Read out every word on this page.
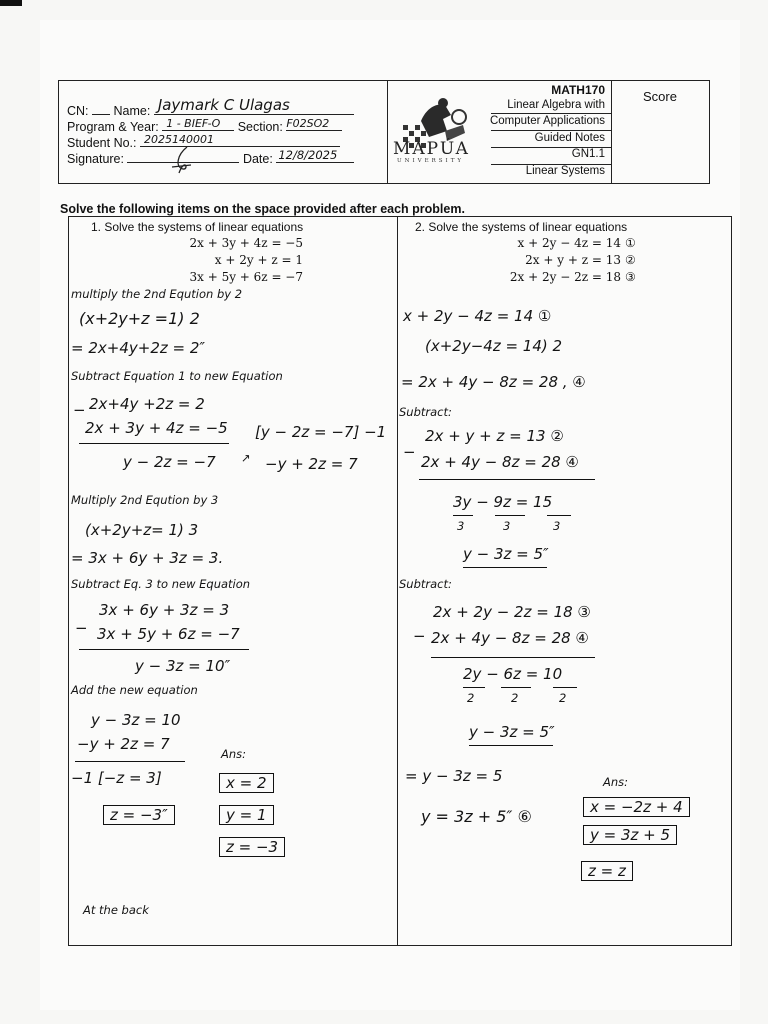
CN: Name: Jaymark C Ulagas
Program & Year: 1 - BIEF-O Section: F02SO2
Student No.: 2025140001
Signature:	Date: 12/8/2025	MAPÚA
UNIVERSITY
MATH170
Linear Algebra with
Computer Applications
Guided Notes
GN1.1
Linear Systems
Score
Solve the following items on the space provided after each problem.
1. Solve the systems of linear equations
2x + 3y + 4z = −5
x + 2y + z = 1
3x + 5y + 6z = −7
multiply the 2nd Eqution by 2
(x+2y+z =1) 2
= 2x+4y+2z = 2″
Subtract Equation 1 to new Equation
− 2x+4y +2z = 2
2x + 3y + 4z = −5
y − 2z = −7
[y − 2z = −7] −1
↗ −y + 2z = 7
Multiply 2nd Eqution by 3
(x+2y+z= 1) 3
= 3x + 6y + 3z = 3.
Subtract Eq. 3 to new Equation
−
3x + 6y + 3z = 3
3x + 5y + 6z = −7
y − 3z = 10″
Add the new equation
y − 3z = 10
−y + 2z = 7
−1 [−z = 3]
z = −3″
Ans:
x = 2
y = 1
z = −3
At the back
2. Solve the systems of linear equations
x + 2y − 4z = 14
2x + y + z = 13
2x + 2y − 2z = 18
①
②
③
x + 2y − 4z = 14 ①
(x+2y−4z = 14) 2
= 2x + 4y − 8z = 28 , ④
Subtract:
−
2x + y + z = 13 ②
2x + 4y − 8z = 28 ④
3y − 9z = 15
3	3	3
y − 3z = 5″
Subtract:
−
2x + 2y − 2z = 18 ③
2x + 4y − 8z = 28 ④
2y − 6z = 10
2	2	2
y − 3z = 5″
= y − 3z = 5
y = 3z + 5″ ⑥
Ans:
x = −2z + 4
y = 3z + 5
z = z
